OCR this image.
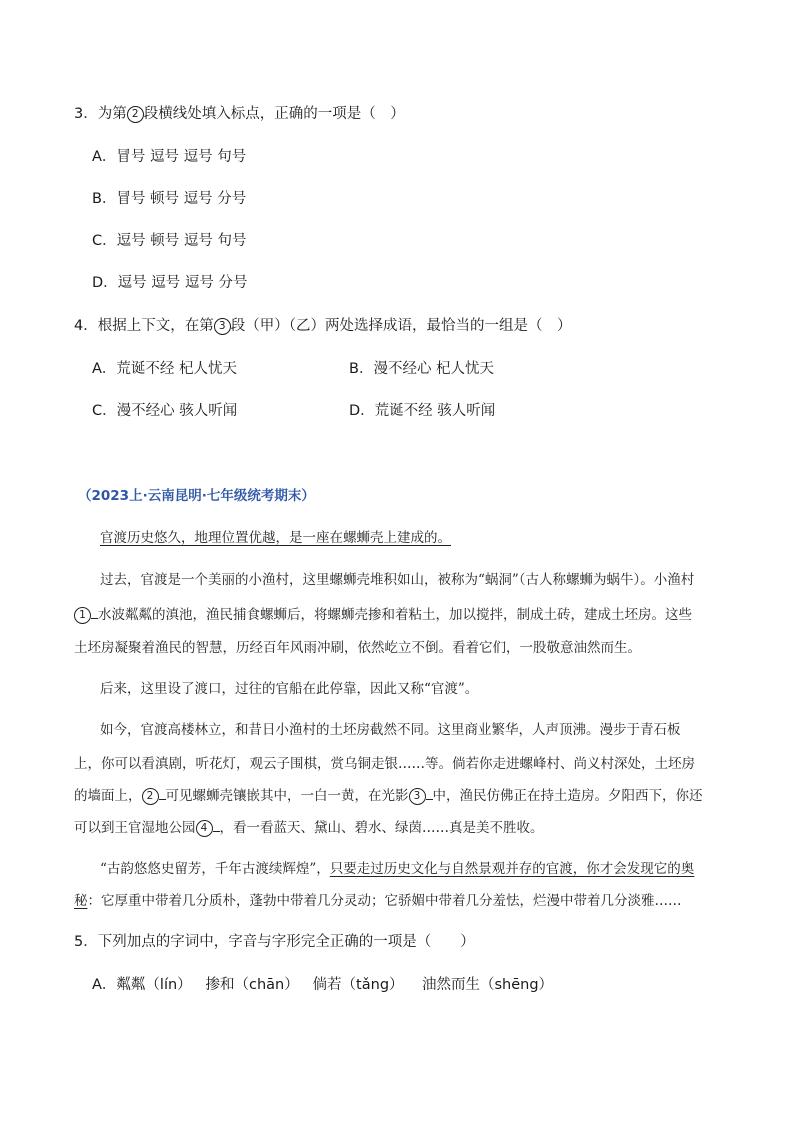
3．为第 2 段横线处填入标点，正确的一项是（　）
A．冒号 逗号 逗号 句号
B．冒号 顿号 逗号 分号
C．逗号 顿号 逗号 句号
D．逗号 逗号 逗号 分号
4．根据上下文，在第 3 段（甲）（乙）两处选择成语，最恰当的一组是（　）
A．荒诞不经 杞人忧天	B．漫不经心 杞人忧天
C．漫不经心 骇人听闻	D．荒诞不经 骇人听闻
（2023上·云南昆明·七年级统考期末）
官渡历史悠久，地理位置优越，是一座在螺蛳壳上建成的。
过去，官渡是一个美丽的小渔村，这里螺蛳壳堆积如山，被称为“蜗洞”（古人称螺蛳为蜗牛）。小渔村
1 水波粼粼的滇池，渔民捕食螺蛳后，将螺蛳壳掺和着粘土，加以搅拌，制成土砖，建成土坯房。这些
土坯房凝聚着渔民的智慧，历经百年风雨冲刷，依然屹立不倒。看着它们，一股敬意油然而生。
后来，这里设了渡口，过往的官船在此停靠，因此又称“官渡”。
如今，官渡高楼林立，和昔日小渔村的土坯房截然不同。这里商业繁华，人声顶沸。漫步于青石板
上，你可以看滇剧，听花灯，观云子围棋，赏乌铜走银……等。倘若你走进螺峰村、尚义村深处，土坯房
的墙面上， 2 可见螺蛳壳镶嵌其中，一白一黄，在光影 3 中，渔民仿佛正在持土造房。夕阳西下，你还
可以到王官湿地公园 4 ，看一看蓝天、黛山、碧水、绿茵……真是美不胜收。
“古韵悠悠史留芳，千年古渡续辉煌”，只要走过历史文化与自然景观并存的官渡，你才会发现它的奥
秘：它厚重中带着几分质朴，蓬勃中带着几分灵动；它骄媚中带着几分羞怯，烂漫中带着几分淡雅……
5．下列加点的字词中，字音与字形完全正确的一项是（　　）
A．粼粼（lín）   掺和（chān）   倘若（tǎng）    油然而生（shēng）
